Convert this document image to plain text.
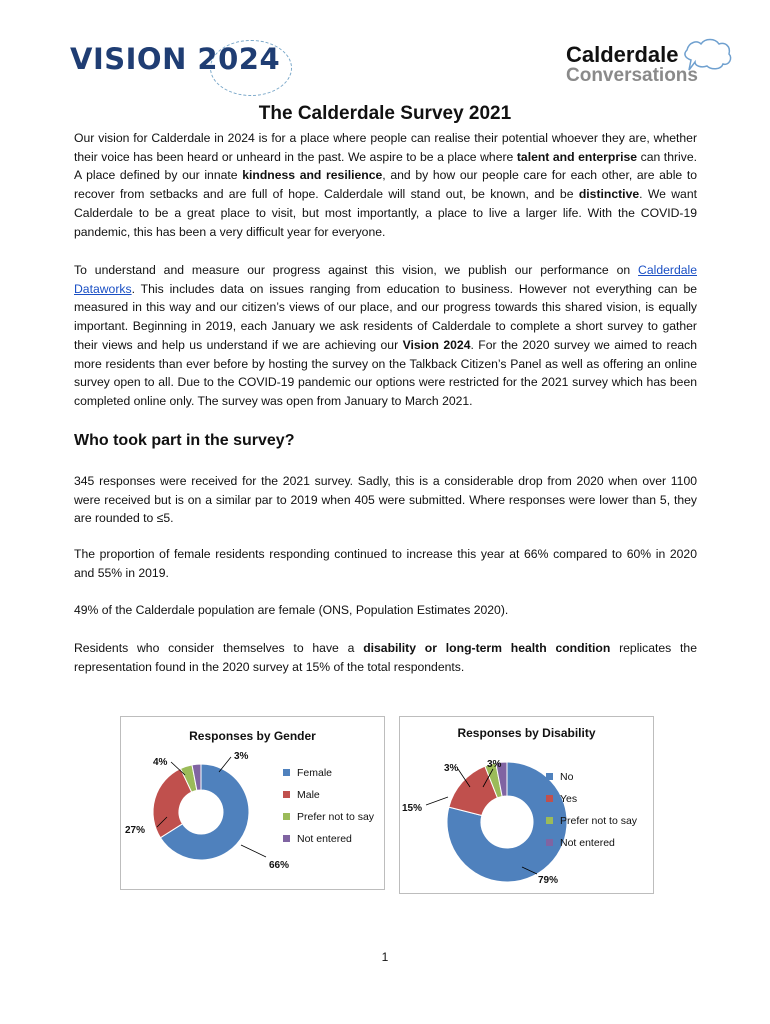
VISION 2024	Calderdale
Conversations
The Calderdale Survey 2021

Our vision for Calderdale in 2024 is for a place where people can realise their potential whoever they are, whether their voice has been heard or unheard in the past. We aspire to be a place where talent and enterprise can thrive. A place defined by our innate kindness and resilience, and by how our people care for each other, are able to recover from setbacks and are full of hope. Calderdale will stand out, be known, and be distinctive. We want Calderdale to be a great place to visit, but most importantly, a place to live a larger life. With the COVID-19 pandemic, this has been a very difficult year for everyone.

To understand and measure our progress against this vision, we publish our performance on Calderdale Dataworks. This includes data on issues ranging from education to business. However not everything can be measured in this way and our citizen’s views of our place, and our progress towards this shared vision, is equally important. Beginning in 2019, each January we ask residents of Calderdale to complete a short survey to gather their views and help us understand if we are achieving our Vision 2024. For the 2020 survey we aimed to reach more residents than ever before by hosting the survey on the Talkback Citizen’s Panel as well as offering an online survey open to all. Due to the COVID-19 pandemic our options were restricted for the 2021 survey which has been completed online only. The survey was open from January to March 2021.

Who took part in the survey?

345 responses were received for the 2021 survey. Sadly, this is a considerable drop from 2020 when over 1100 were received but is on a similar par to 2019 when 405 were submitted. Where responses were lower than 5, they are rounded to ≤5.

The proportion of female residents responding continued to increase this year at 66% compared to 60% in 2020 and 55% in 2019.

49% of the Calderdale population are female (ONS, Population Estimates 2020).

Residents who consider themselves to have a disability or long-term health condition replicates the representation found in the 2020 survey at 15% of the total respondents.

Responses by Gender
Female
Male
Prefer not to say
Not entered
66%
27%
4%
3%
Responses by Disability
No
Yes
Prefer not to say
Not entered
79%
15%
3%	3%
1
